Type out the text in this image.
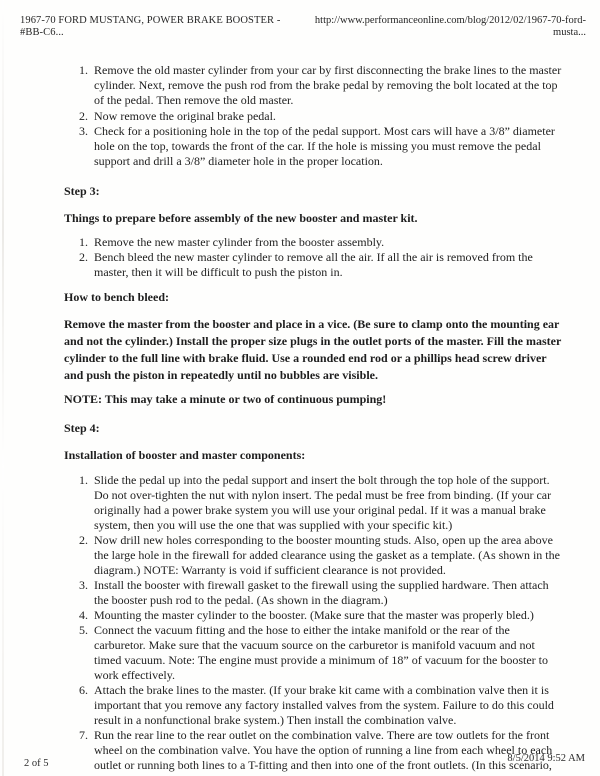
1967-70 FORD MUSTANG, POWER BRAKE BOOSTER - #BB-C6...
http://www.performanceonline.com/blog/2012/02/1967-70-ford-musta...
1. Remove the old master cylinder from your car by first disconnecting the brake lines to the master cylinder. Next, remove the push rod from the brake pedal by removing the bolt located at the top of the pedal. Then remove the old master.
2. Now remove the original brake pedal.
3. Check for a positioning hole in the top of the pedal support. Most cars will have a 3/8” diameter hole on the top, towards the front of the car. If the hole is missing you must remove the pedal support and drill a 3/8” diameter hole in the proper location.

Step 3:

Things to prepare before assembly of the new booster and master kit.

1. Remove the new master cylinder from the booster assembly.
2. Bench bleed the new master cylinder to remove all the air. If all the air is removed from the master, then it will be difficult to push the piston in.

How to bench bleed:

Remove the master from the booster and place in a vice. (Be sure to clamp onto the mounting ear and not the cylinder.) Install the proper size plugs in the outlet ports of the master. Fill the master cylinder to the full line with brake fluid. Use a rounded end rod or a phillips head screw driver and push the piston in repeatedly until no bubbles are visible.

NOTE: This may take a minute or two of continuous pumping!

Step 4:

Installation of booster and master components:

1. Slide the pedal up into the pedal support and insert the bolt through the top hole of the support. Do not over-tighten the nut with nylon insert. The pedal must be free from binding. (If your car originally had a power brake system you will use your original pedal. If it was a manual brake system, then you will use the one that was supplied with your specific kit.)
2. Now drill new holes corresponding to the booster mounting studs. Also, open up the area above the large hole in the firewall for added clearance using the gasket as a template. (As shown in the diagram.) NOTE: Warranty is void if sufficient clearance is not provided.
3. Install the booster with firewall gasket to the firewall using the supplied hardware. Then attach the booster push rod to the pedal. (As shown in the diagram.)
4. Mounting the master cylinder to the booster. (Make sure that the master was properly bled.)
5. Connect the vacuum fitting and the hose to either the intake manifold or the rear of the carburetor. Make sure that the vacuum source on the carburetor is manifold vacuum and not timed vacuum. Note: The engine must provide a minimum of 18” of vacuum for the booster to work effectively.
6. Attach the brake lines to the master. (If your brake kit came with a combination valve then it is important that you remove any factory installed valves from the system. Failure to do this could result in a nonfunctional brake system.) Then install the combination valve.
7. Run the rear line to the rear outlet on the combination valve. There are tow outlets for the front wheel on the combination valve. You have the option of running a line from each wheel to each outlet or running both lines to a T-fitting and then into one of the front outlets. (In this scenario,
2 of 5	8/5/2014 9:52 AM
